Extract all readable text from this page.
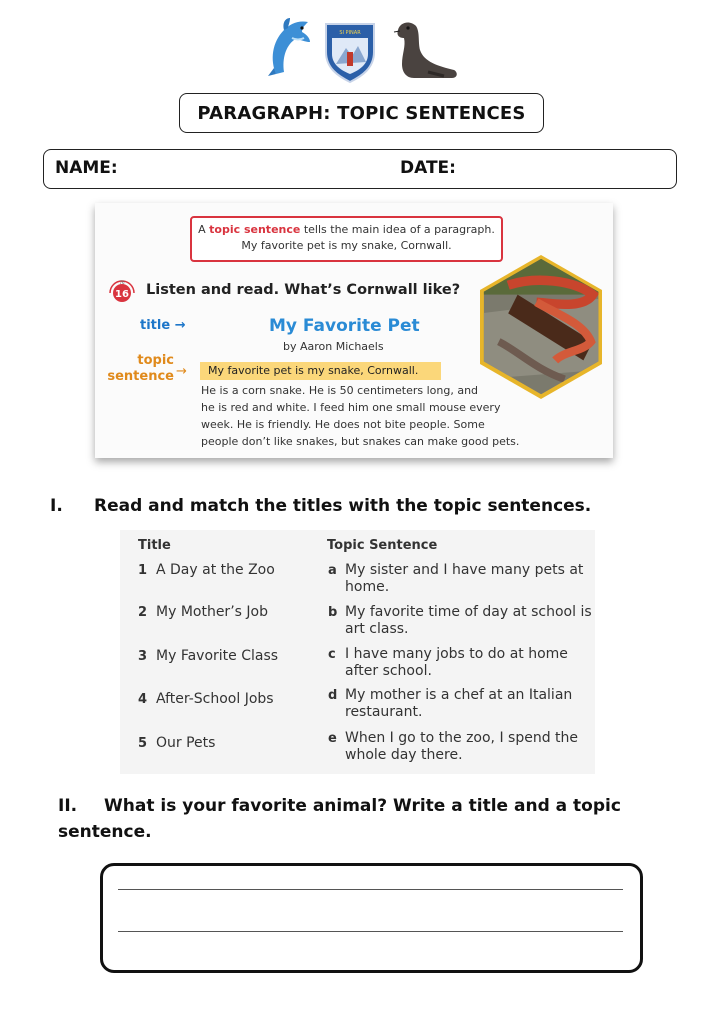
SI PINAR
PARAGRAPH: TOPIC SENTENCES
NAME:	DATE:
A topic sentence tells the main idea of a paragraph.
My favorite pet is my snake, Cornwall.
16
76 Listen and read. What’s Cornwall like?
title →	My Favorite Pet
by Aaron Michaels
topic
sentence → My favorite pet is my snake, Cornwall.
He is a corn snake. He is 50 centimeters long, and
he is red and white. I feed him one small mouse every
week. He is friendly. He does not bite people. Some
people don’t like snakes, but snakes can make good pets.
I. Read and match the titles with the topic sentences.
Title	Topic Sentence
1 A Day at the Zoo	a My sister and I have many pets at home.
2 My Mother’s Job	b My favorite time of day at school is art class.
3 My Favorite Class	c I have many jobs to do at home after school.
4 After-School Jobs	d My mother is a chef at an Italian restaurant.
5 Our Pets	e When I go to the zoo, I spend the whole day there.
II. What is your favorite animal? Write a title and a topic sentence.
